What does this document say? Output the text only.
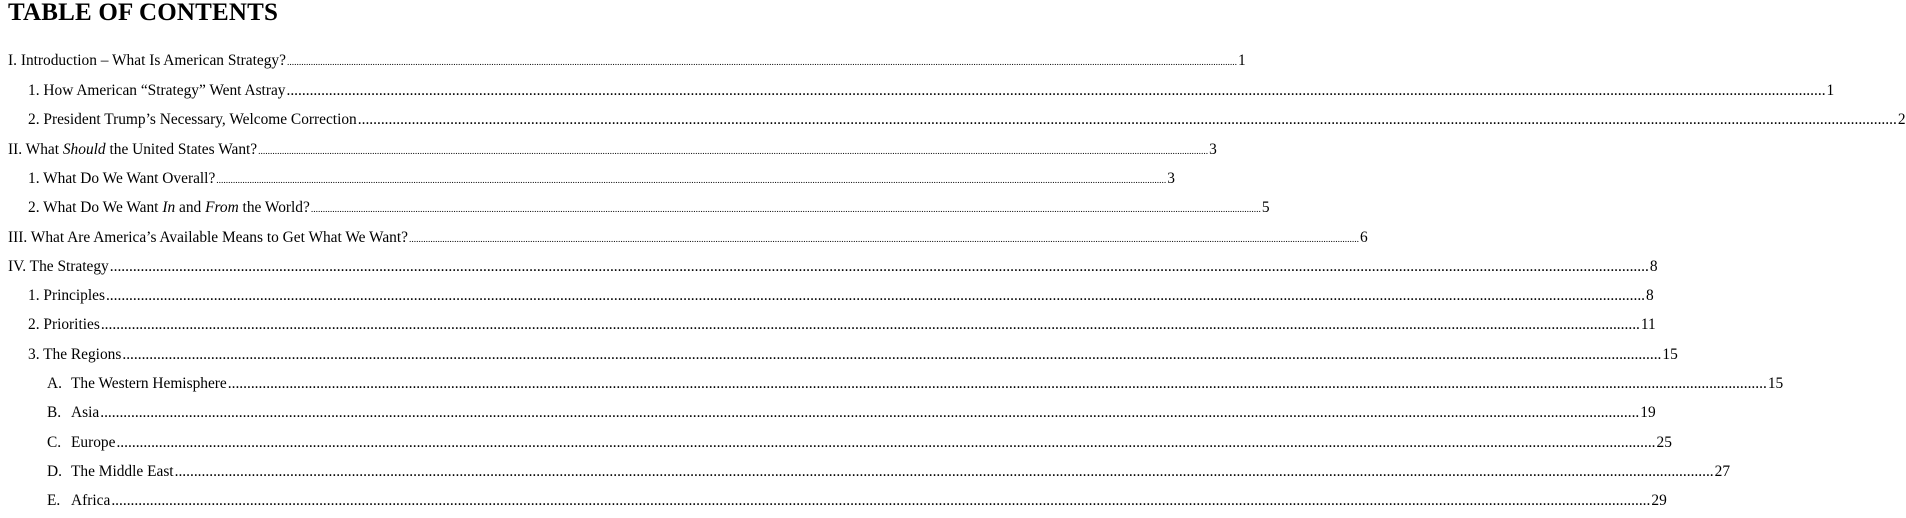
TABLE OF CONTENTS
I. Introduction – What Is American Strategy? ................................................................................................................................................................................................................................................................................................................................................................................................................ 1
1. How American “Strategy” Went Astray ................................................................................................................................................................................................................................................................................................................................................................................................................ 1
2. President Trump’s Necessary, Welcome Correction ................................................................................................................................................................................................................................................................................................................................................................................................................ 2
II. What Should the United States Want? ................................................................................................................................................................................................................................................................................................................................................................................................................ 3
1. What Do We Want Overall? ................................................................................................................................................................................................................................................................................................................................................................................................................ 3
2. What Do We Want In and From the World? ................................................................................................................................................................................................................................................................................................................................................................................................................ 5
III. What Are America’s Available Means to Get What We Want? ................................................................................................................................................................................................................................................................................................................................................................................................................ 6
IV. The Strategy ................................................................................................................................................................................................................................................................................................................................................................................................................ 8
1. Principles ................................................................................................................................................................................................................................................................................................................................................................................................................ 8
2. Priorities ................................................................................................................................................................................................................................................................................................................................................................................................................ 11
3. The Regions ................................................................................................................................................................................................................................................................................................................................................................................................................ 15
A. The Western Hemisphere ................................................................................................................................................................................................................................................................................................................................................................................................................ 15
B. Asia ................................................................................................................................................................................................................................................................................................................................................................................................................ 19
C. Europe ................................................................................................................................................................................................................................................................................................................................................................................................................ 25
D. The Middle East ................................................................................................................................................................................................................................................................................................................................................................................................................ 27
E. Africa ................................................................................................................................................................................................................................................................................................................................................................................................................ 29
